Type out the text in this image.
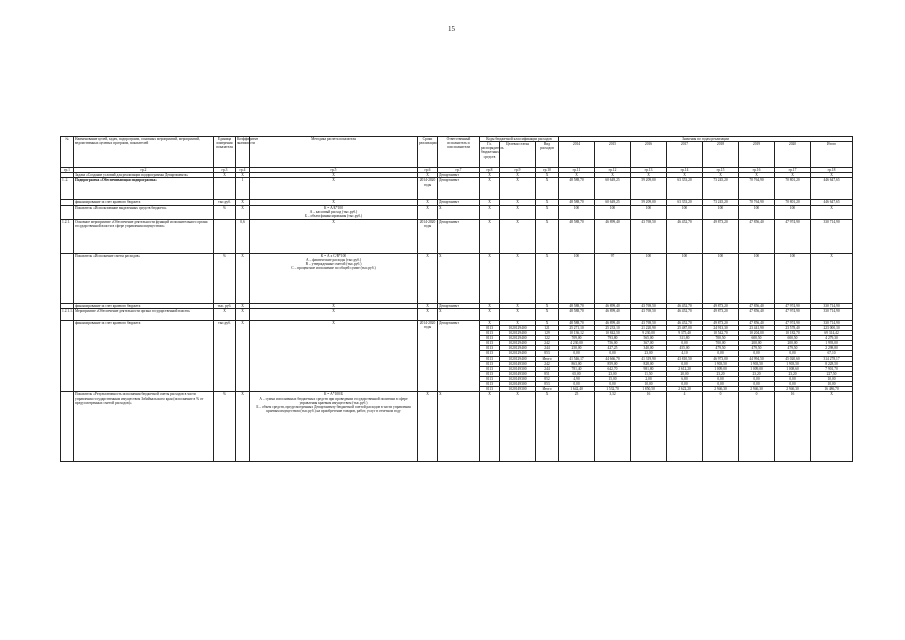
15
№	Наименование целей, задач, подпрограмм, основных мероприятий, мероприятий, ведомственных целевых программ, показателей	Единица измерения показателя	Коэффициент значимости	Методика расчета показателя	Сроки реализации	Ответственный исполнитель и соисполнители	Коды бюджетной классификации расходов			Значения по годам реализации							
							Гл. распорядитель бюджетных средств	Целевая статья	Вид расходов	2014	2015	2016	2017	2018	2019	2020	Итого
гр.1	гр.2	гр.3	гр.4	гр.5	гр.6	гр.7	гр.8	гр.9	гр.10	гр.11	гр.12	гр.13	гр.14	гр.15	гр.16	гр.17	гр.18
	Задача «Создание условий для реализации подпрограммы Департамента»	X	X	X	X	Департамент	X	X	X	X	X	X	X	X	X	X	X
1..2.	Подпрограмма «Обеспечивающая подпрограмма»		1	X	2014-2020 годы	Департамент	X	X	X	48 588,70	60 649,25	59 209,00	63 353,20	73 245,20	70 764,90	70 801,20	446 647,65
	финансирование за счет краевого бюджета	тыс.руб.	X	X	X	Департамент	X	X	X	48 588,70	60 649,25	59 209,00	63 353,20	73 245,20	70 764,90	70 801,20	446 647,65
	Показатель «Использование выделенных средств бюджета»	%	X	К = А/Б*100
А – кассовый расход (тыс.руб.)
Б – объем финансирования (тыс.руб.)	X	X	X	X	X	100	100	100	100	100	100	100	X
1.2.1.	Основное мероприятие «Обеспечение деятельности функций исполнительного органа государственной власти в сфере управления имуществом»		0,6	X	2014-2020 годы	Департамент	X	X	X	48 588,70	46 899,40	43 769,50	46 452,70	49 873,20	47 856,40	47 974,90	330 714,90
	Показатель «Исполнение сметы расходов»	%	X	К = А х С/В*100
А – фактические расходы (тыс.руб.)
В – утвержденные сметой (тыс.руб.)
С – процентное исполнение по общей сумме (тыс.руб.)	X	X	X	X	X	100	97	100	100	100	100	100	X
	финансирование за счет краевого бюджета	тыс. руб.	X	X	X	Департамент	X	X	X	48 588,70	46 899,40	43 769,50	46 452,70	49 873,20	47 856,40	47 974,90	330 714,90
1.2.1.1.	Мероприятие «Обеспечение деятельности органа государственной власти»	X	X	X	X	X	X	X	X	48 588,70	46 899,40	43 769,50	46 452,70	49 873,20	47 856,40	47 974,90	330 714,90
	финансирование за счет краевого бюджета	тыс.руб.	X	X	2014-2020 годы	Департамент	X	X	X	48 588,70	46 899,40	43 769,50	46 452,70	49 873,20	47 856,40	47 974,90	330 714,90
							0113	1020129400	121	25 271,10	25 233,10	21 220,90	25 487,00	24 913,30	23 441,90	23 578,40	223 000,30
							0113	1020129400	129	10 136,12	10 842,50	9 230,00	9 375,40	10 542,70	10 204,00	10 182,70	69 314,42
							0113	1020129400	122	709,00	793,80	565,00	311,80	700,50	600,50	600,50	4 279,30
							0113	1020129400	242	4 230,00	756,00	367,00	0,00	700,00	200,00	200,00	1 993,00
							0113	1020129400	244	250,00	427,25	340,00	455,00	479,50	479,50	479,50	2 298,80
							0113	1020129400	853	0,00	0,00	23,00	4,10	0,00	0,00	0,00	67,10
							0113	1020129400	Итого	41 546,17	44 666,70	41 319,90	43 810,50	46 973,00	44 994,50	45 020,60	314 278,17
							0113	1020149300	242	863,00	859,00	828,00	0,00	1 903,50	1 903,50	1 903,50	8 228,50
							0113	1020149300	244	781,40	642,70	981,80	2 612,20	1 009,00	1 009,00	1 008,60	7 901,70
							0113	1020149300	851	65,00	23,00	11,50	20,00	23,20	23,20	23,20	227,50
							0113	1020149300	852	4,90	15,00	2,00	6,80	0,00	0,00	0,00	10,00
							0113	1020149300	853	0,00	0,00	10,00	0,00	0,00	0,00	0,00	10,00
							0113	1020149300	Итого	1 642,40	1 532,70	1 850,50	2 622,20	2 946,30	2 946,30	2 946,30	16 486,70
	Показатель «Результативность исполнения бюджетной сметы расходов в части управления государственным имуществом Забайкальского края (исполнение в % от предусмотренных сметой расходов)»	%	X	К = А*100/Б
А – сумма исполненных бюджетных средств при проведении государственной политики в сфере управления краевым имуществом (тыс.руб.)
Б – объем средств, предусмотренных Департаменту бюджетной сметой расходов в части управления краевым имуществом (тыс.руб.) на приобретение товаров, работ, услуг в отчетном году	X	X	X	X	X	25	3,32	16	4	0	0	16	X
